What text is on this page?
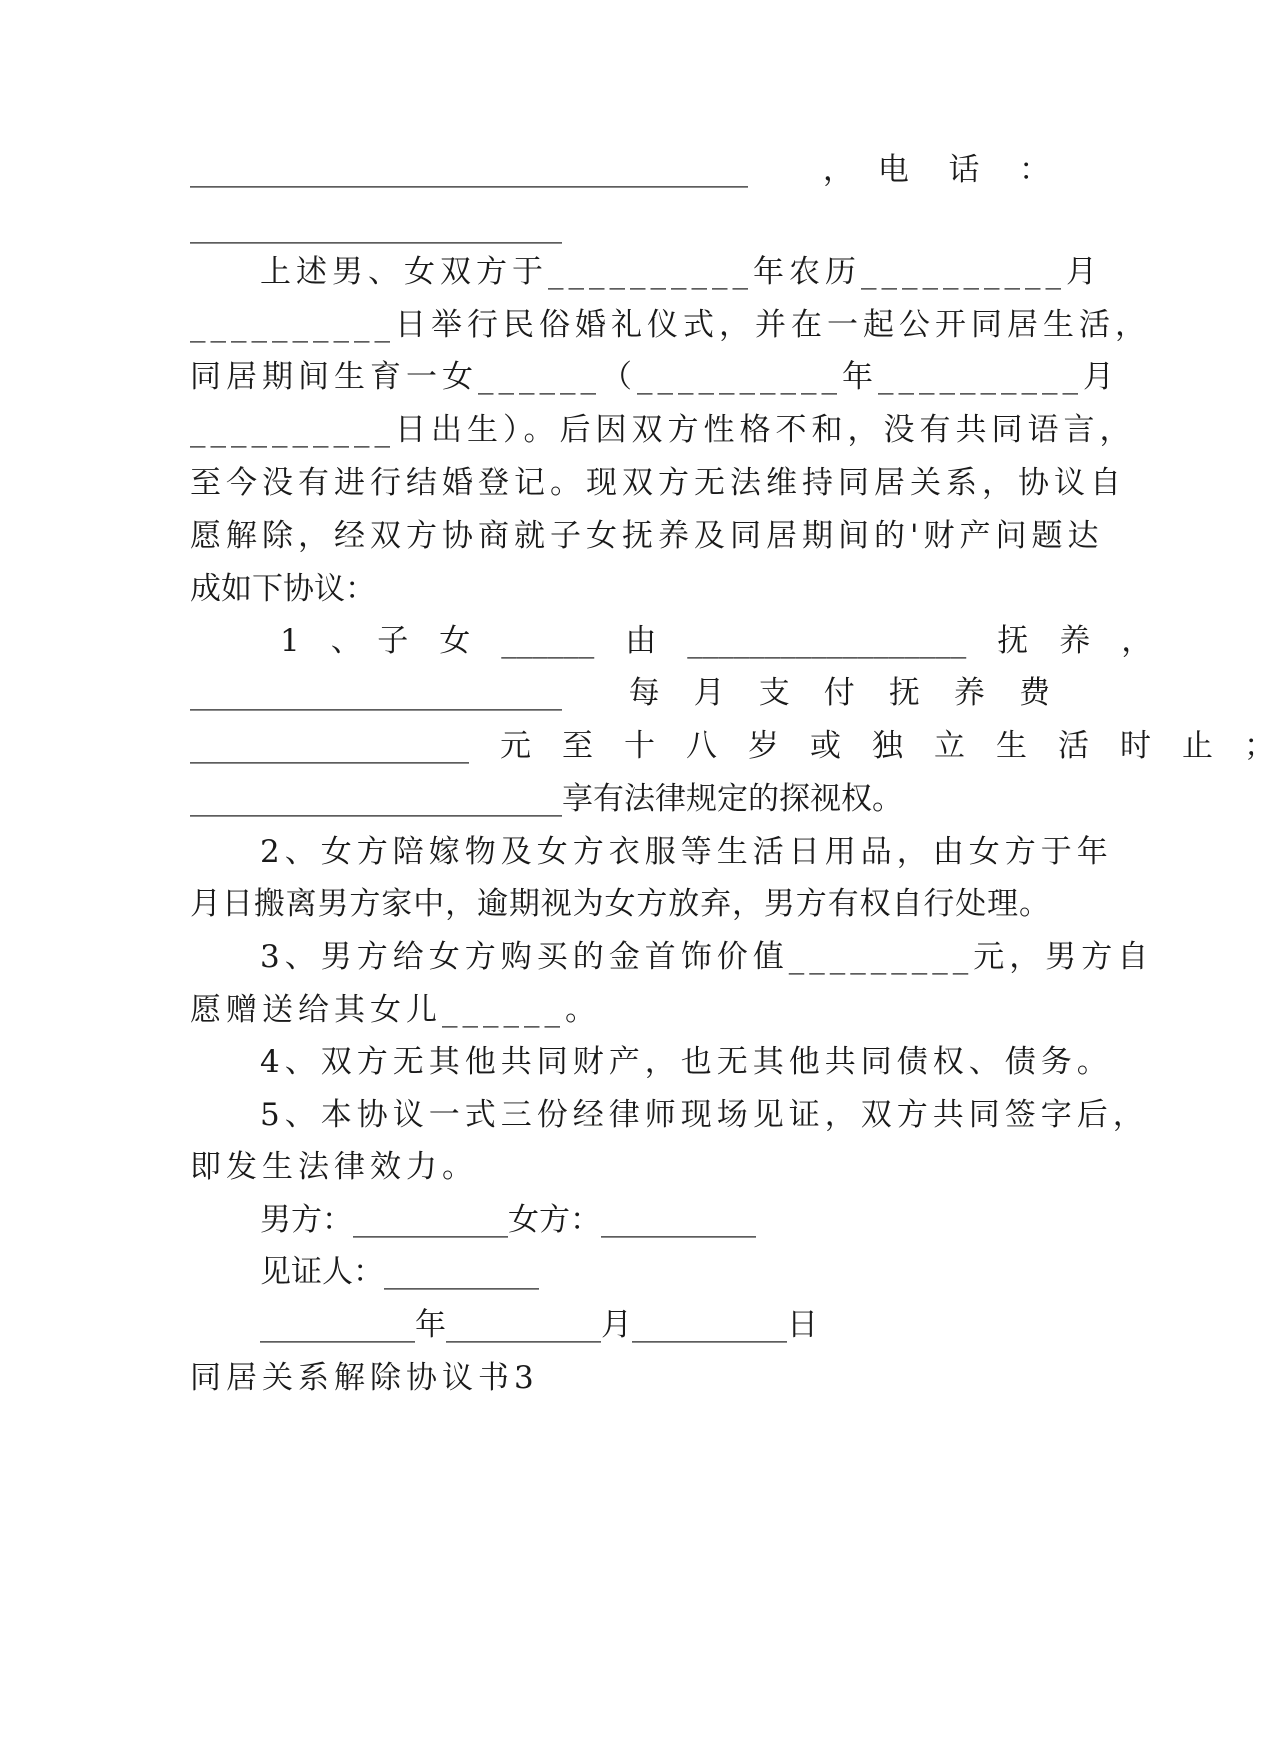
____________________________________　　，　电　话　：
________________________
上述男、女双方于__________年农历__________月
__________日举行民俗婚礼仪式，并在一起公开同居生活，
同居期间生育一女______（__________年__________月
__________日出生）。后因双方性格不和，没有共同语言，
至今没有进行结婚登记。现双方无法维持同居关系，协议自
愿解除，经双方协商就子女抚养及同居期间的'财产问题达
成如下协议：
1　、　子　女　______　由　__________________　抚　养　，
________________________　　每　月　支　付　抚　养　费
__________________　元　至　十　八　岁　或　独　立　生　活　时　止　；
________________________享有法律规定的探视权。
2、女方陪嫁物及女方衣服等生活日用品，由女方于年
月日搬离男方家中，逾期视为女方放弃，男方有权自行处理。
3、男方给女方购买的金首饰价值_________元，男方自
愿赠送给其女儿______。
4、双方无其他共同财产，也无其他共同债权、债务。
5、本协议一式三份经律师现场见证，双方共同签字后，
即发生法律效力。
男方：__________女方：__________
见证人：__________
__________年__________月__________日
同居关系解除协议书3
